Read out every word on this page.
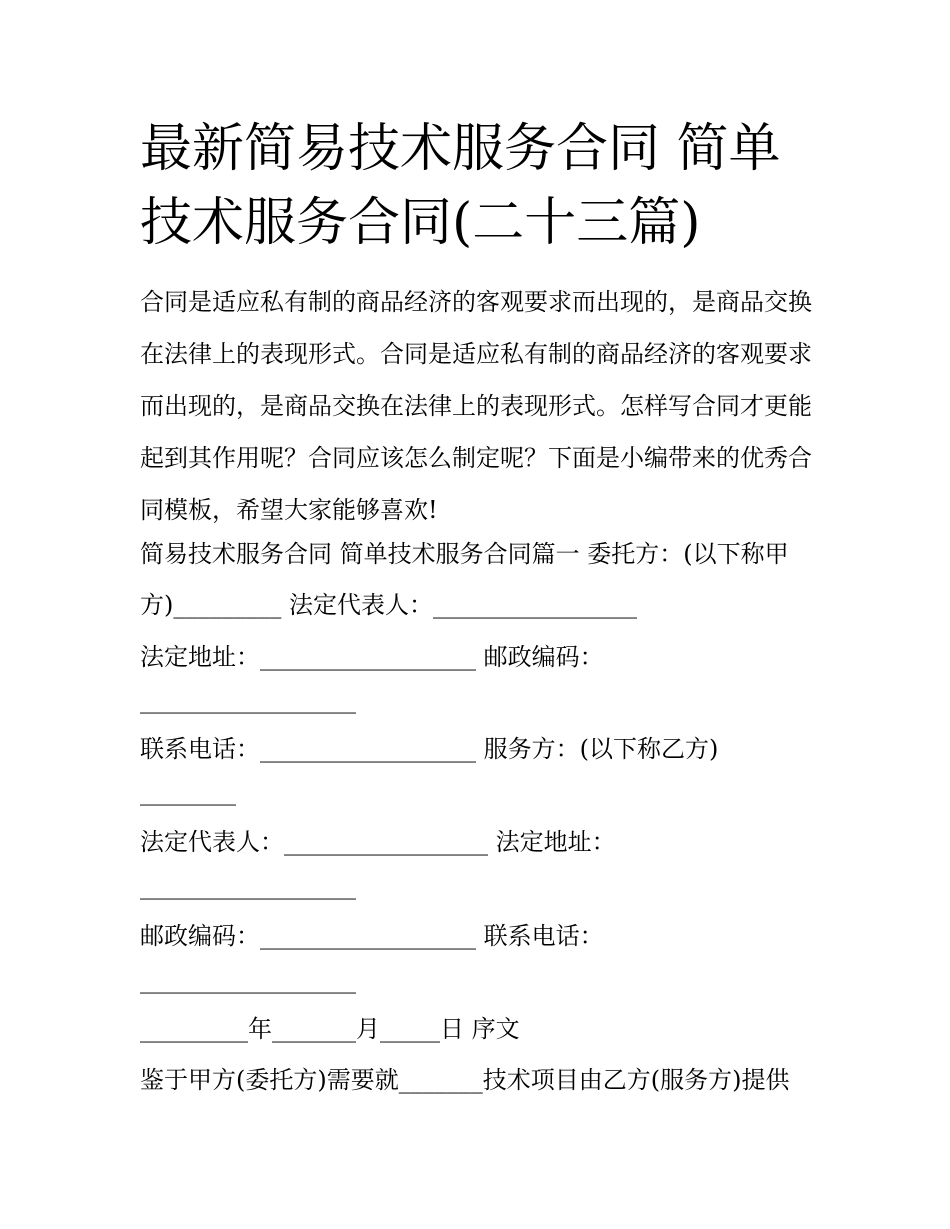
最新简易技术服务合同 简单技术服务合同(二十三篇)

合同是适应私有制的商品经济的客观要求而出现的，是商品交换在法律上的表现形式。合同是适应私有制的商品经济的客观要求而出现的，是商品交换在法律上的表现形式。怎样写合同才更能起到其作用呢？合同应该怎么制定呢？下面是小编带来的优秀合同模板，希望大家能够喜欢!

简易技术服务合同 简单技术服务合同篇一 委托方：(以下称甲

方)_________ 法定代表人：_________________

法定地址：__________________ 邮政编码：

__________________

联系电话：__________________ 服务方：(以下称乙方)

________

法定代表人：_________________ 法定地址：

__________________

邮政编码：__________________ 联系电话：

__________________

_________年_______月_____日 序文

鉴于甲方(委托方)需要就_______技术项目由乙方(服务方)提供
